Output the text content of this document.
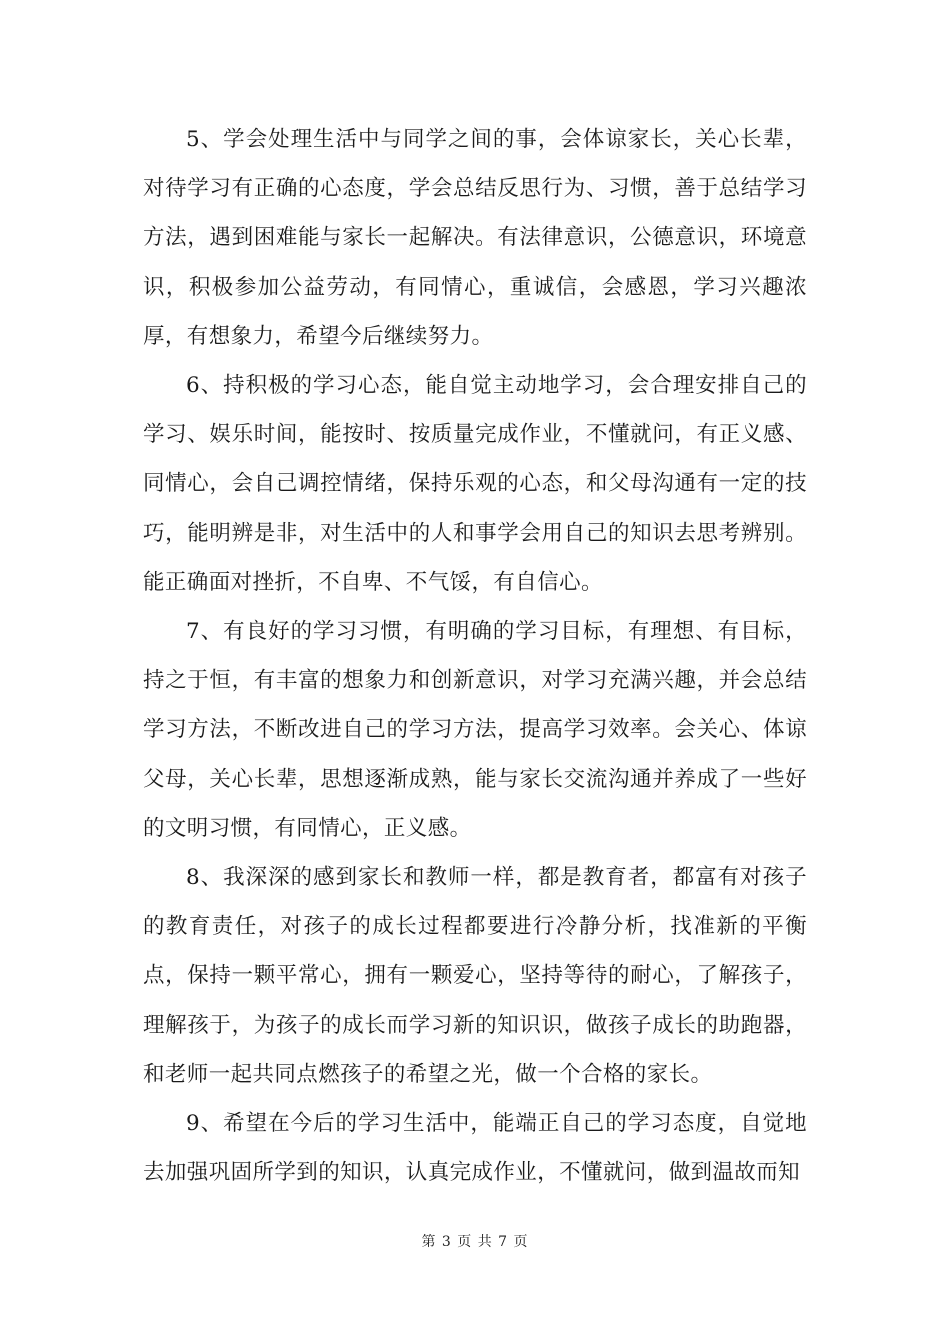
5、学会处理生活中与同学之间的事，会体谅家长，关心长辈，对待学习有正确的心态度，学会总结反思行为、习惯，善于总结学习方法，遇到困难能与家长一起解决。有法律意识，公德意识，环境意识，积极参加公益劳动，有同情心，重诚信，会感恩，学习兴趣浓厚，有想象力，希望今后继续努力。

6、持积极的学习心态，能自觉主动地学习，会合理安排自己的学习、娱乐时间，能按时、按质量完成作业，不懂就问，有正义感、同情心，会自己调控情绪，保持乐观的心态，和父母沟通有一定的技巧，能明辨是非，对生活中的人和事学会用自己的知识去思考辨别。能正确面对挫折，不自卑、不气馁，有自信心。

7、有良好的学习习惯，有明确的学习目标，有理想、有目标，持之于恒，有丰富的想象力和创新意识，对学习充满兴趣，并会总结学习方法，不断改进自己的学习方法，提高学习效率。会关心、体谅父母，关心长辈，思想逐渐成熟，能与家长交流沟通并养成了一些好的文明习惯，有同情心，正义感。

8、我深深的感到家长和教师一样，都是教育者，都富有对孩子的教育责任，对孩子的成长过程都要进行冷静分析，找准新的平衡点，保持一颗平常心，拥有一颗爱心，坚持等待的耐心，了解孩子，理解孩于，为孩子的成长而学习新的知识识，做孩子成长的助跑器，和老师一起共同点燃孩子的希望之光，做一个合格的家长。

9、希望在今后的学习生活中，能端正自己的学习态度，自觉地去加强巩固所学到的知识，认真完成作业，不懂就问，做到温故而知

第 3 页 共 7 页
